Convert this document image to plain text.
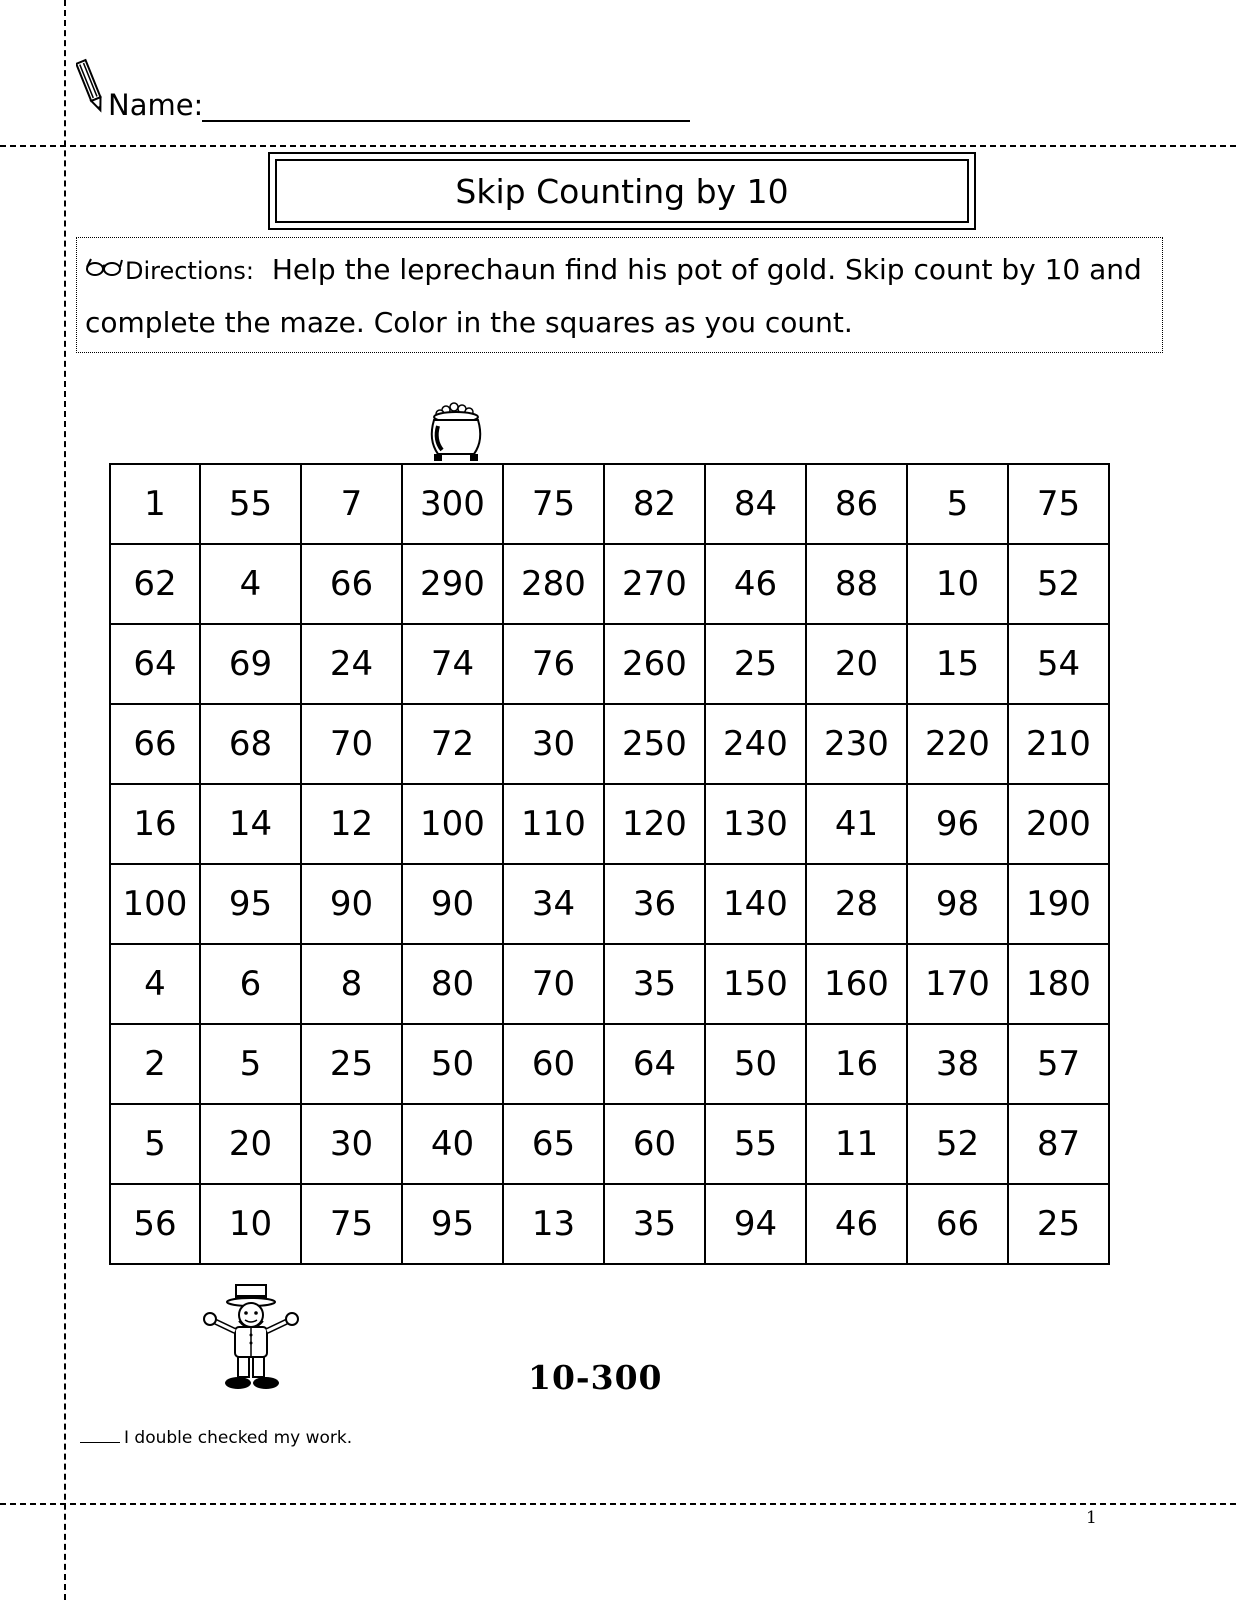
Name:
Skip Counting by 10
Directions: Help the leprechaun find his pot of gold. Skip count by 10 and complete the maze. Color in the squares as you count.
1	55	7	300	75	82	84	86	5	75
62	4	66	290	280	270	46	88	10	52
64	69	24	74	76	260	25	20	15	54
66	68	70	72	30	250	240	230	220	210
16	14	12	100	110	120	130	41	96	200
100	95	90	90	34	36	140	28	98	190
4	6	8	80	70	35	150	160	170	180
2	5	25	50	60	64	50	16	38	57
5	20	30	40	65	60	55	11	52	87
56	10	75	95	13	35	94	46	66	25
10-300
I double checked my work.
1
